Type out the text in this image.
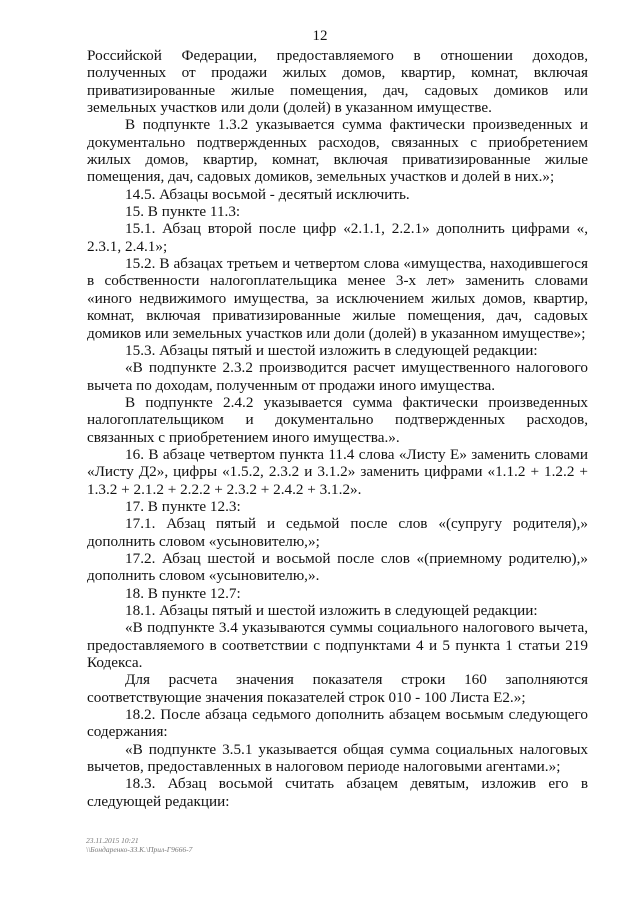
12

Российской Федерации, предоставляемого в отношении доходов, полученных от продажи жилых домов, квартир, комнат, включая приватизированные жилые помещения, дач, садовых домиков или земельных участков или доли (долей) в указанном имуществе.

В подпункте 1.3.2 указывается сумма фактически произведенных и документально подтвержденных расходов, связанных с приобретением жилых домов, квартир, комнат, включая приватизированные жилые помещения, дач, садовых домиков, земельных участков и долей в них.»;

14.5. Абзацы восьмой - десятый исключить.

15. В пункте 11.3:

15.1. Абзац второй после цифр «2.1.1, 2.2.1» дополнить цифрами «, 2.3.1, 2.4.1»;

15.2. В абзацах третьем и четвертом слова «имущества, находившегося в собственности налогоплательщика менее 3-х лет» заменить словами «иного недвижимого имущества, за исключением жилых домов, квартир, комнат, включая приватизированные жилые помещения, дач, садовых домиков или земельных участков или доли (долей) в указанном имуществе»;

15.3. Абзацы пятый и шестой изложить в следующей редакции:

«В подпункте 2.3.2 производится расчет имущественного налогового вычета по доходам, полученным от продажи иного имущества.

В подпункте 2.4.2 указывается сумма фактически произведенных налогоплательщиком и документально подтвержденных расходов, связанных с приобретением иного имущества.».

16. В абзаце четвертом пункта 11.4 слова «Листу Е» заменить словами «Листу Д2», цифры «1.5.2, 2.3.2 и 3.1.2» заменить цифрами «1.1.2 + 1.2.2 + 1.3.2 + 2.1.2 + 2.2.2 + 2.3.2 + 2.4.2 + 3.1.2».

17. В пункте 12.3:

17.1. Абзац пятый и седьмой после слов «(супругу родителя),» дополнить словом «усыновителю,»;

17.2. Абзац шестой и восьмой после слов «(приемному родителю),» дополнить словом «усыновителю,».

18. В пункте 12.7:

18.1. Абзацы пятый и шестой изложить в следующей редакции:

«В подпункте 3.4 указываются суммы социального налогового вычета, предоставляемого в соответствии с подпунктами 4 и 5 пункта 1 статьи 219 Кодекса.

Для расчета значения показателя строки 160 заполняются соответствующие значения показателей строк 010 - 100 Листа Е2.»;

18.2. После абзаца седьмого дополнить абзацем восьмым следующего содержания:

«В подпункте 3.5.1 указывается общая сумма социальных налоговых вычетов, предоставленных в налоговом периоде налоговыми агентами.»;

18.3. Абзац восьмой считать абзацем девятым, изложив его в следующей редакции:

23.11.2015 10:21
\\Бондаренко-ЗЗ.К.\Прил-Г9666-7
